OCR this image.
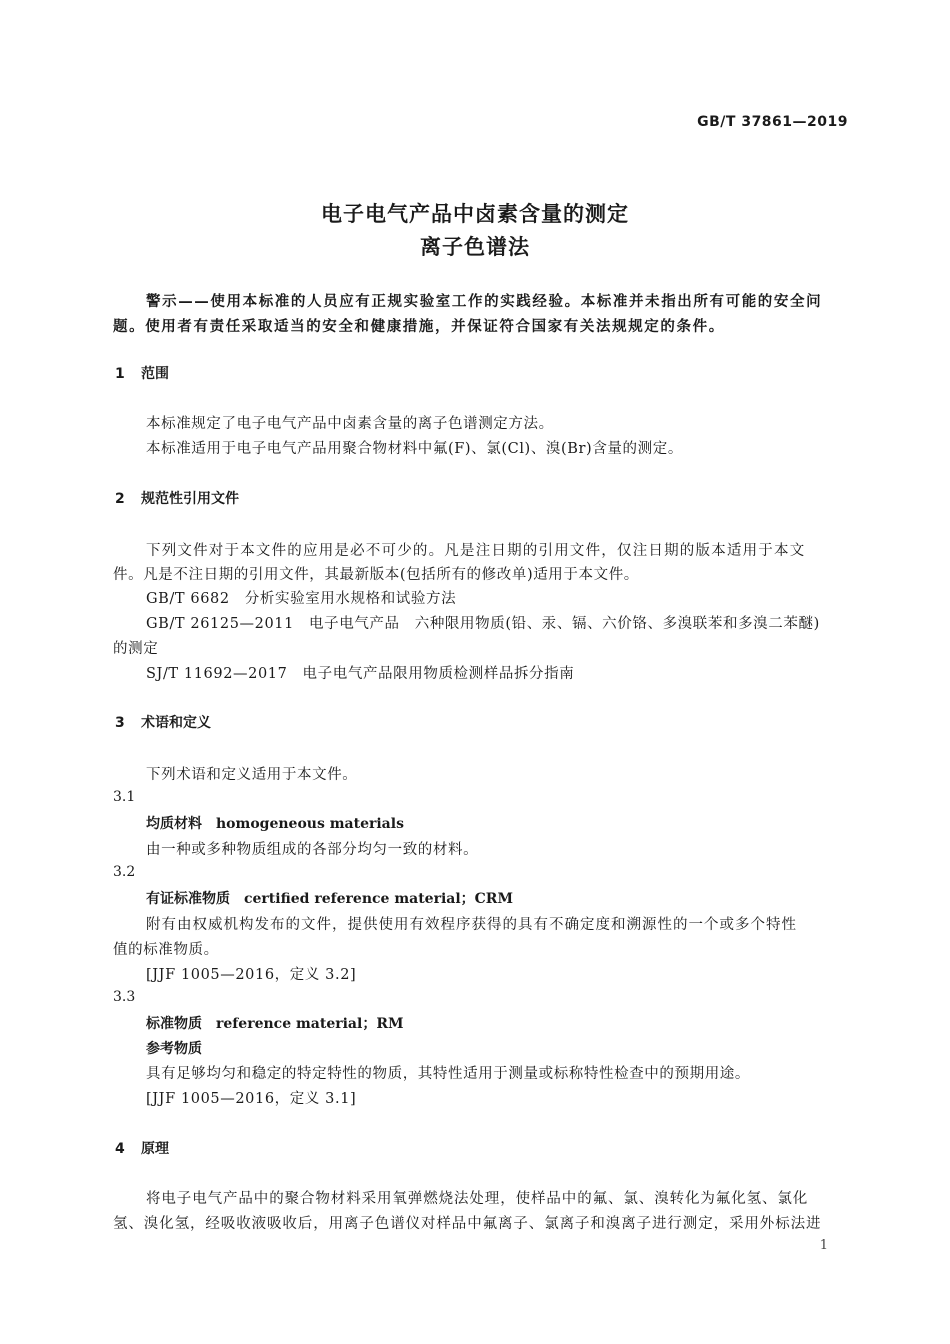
GB/T 37861—2019
电子电气产品中卤素含量的测定
离子色谱法
警示——使用本标准的人员应有正规实验室工作的实践经验。本标准并未指出所有可能的安全问
题。使用者有责任采取适当的安全和健康措施，并保证符合国家有关法规规定的条件。
1 范围
本标准规定了电子电气产品中卤素含量的离子色谱测定方法。
本标准适用于电子电气产品用聚合物材料中氟(F)、氯(Cl)、溴(Br)含量的测定。
2 规范性引用文件
下列文件对于本文件的应用是必不可少的。凡是注日期的引用文件，仅注日期的版本适用于本文
件。凡是不注日期的引用文件，其最新版本(包括所有的修改单)适用于本文件。
GB/T 6682　分析实验室用水规格和试验方法
GB/T 26125—2011　电子电气产品　六种限用物质(铅、汞、镉、六价铬、多溴联苯和多溴二苯醚)
的测定
SJ/T 11692—2017　电子电气产品限用物质检测样品拆分指南
3 术语和定义
下列术语和定义适用于本文件。
3.1
均质材料　homogeneous materials
由一种或多种物质组成的各部分均匀一致的材料。
3.2
有证标准物质　certified reference material；CRM
附有由权威机构发布的文件，提供使用有效程序获得的具有不确定度和溯源性的一个或多个特性
值的标准物质。
[JJF 1005—2016，定义 3.2]
3.3
标准物质　reference material；RM
参考物质
具有足够均匀和稳定的特定特性的物质，其特性适用于测量或标称特性检查中的预期用途。
[JJF 1005—2016，定义 3.1]
4 原理
将电子电气产品中的聚合物材料采用氧弹燃烧法处理，使样品中的氟、氯、溴转化为氟化氢、氯化
氢、溴化氢，经吸收液吸收后，用离子色谱仪对样品中氟离子、氯离子和溴离子进行测定，采用外标法进
1
